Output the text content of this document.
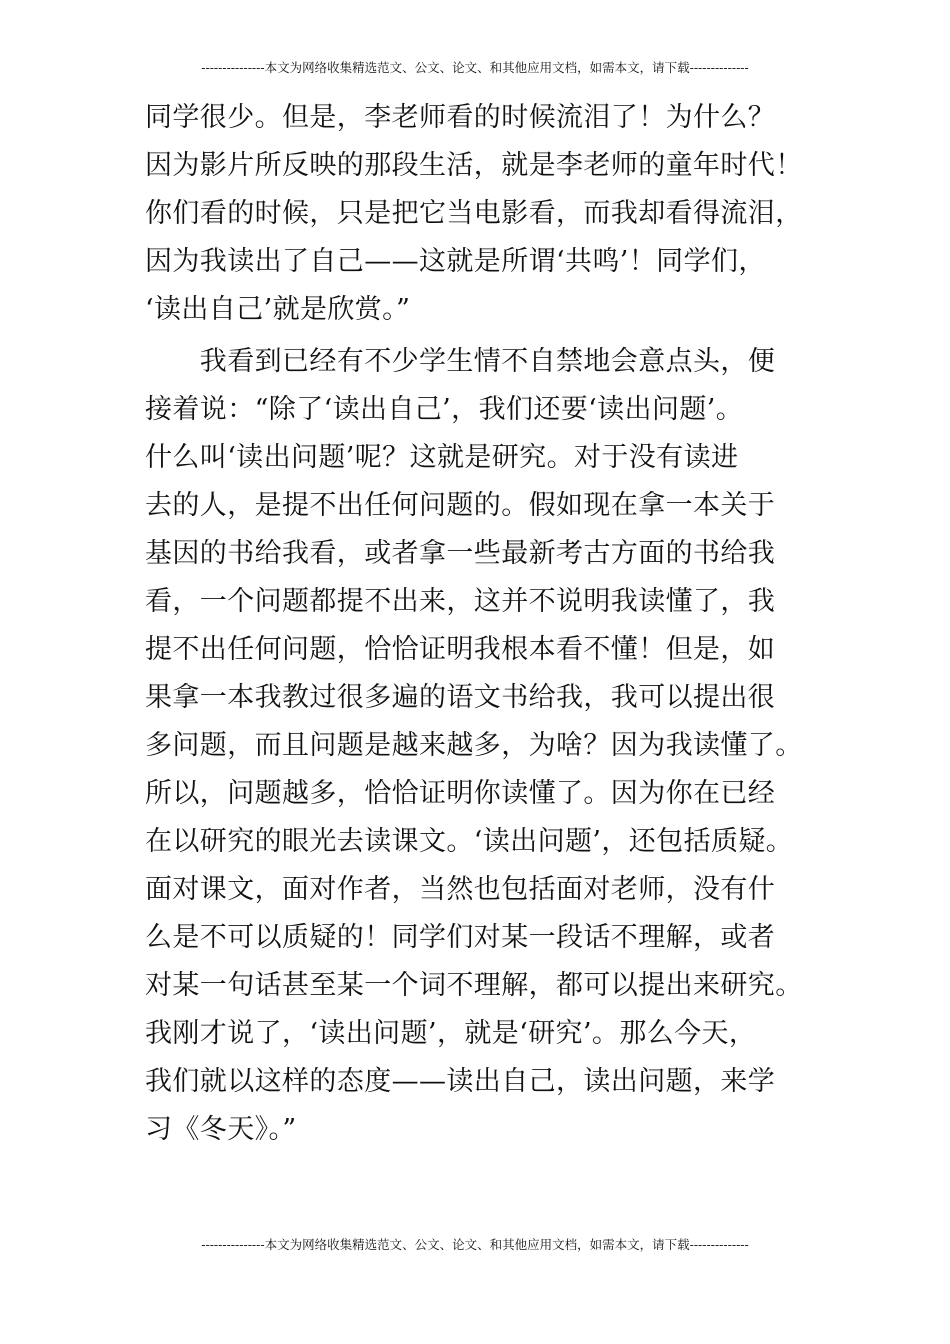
---------------本文为网络收集精选范文、公文、论文、和其他应用文档，如需本文，请下载--------------
同学很少。但是，李老师看的时候流泪了！为什么？
因为影片所反映的那段生活，就是李老师的童年时代！
你们看的时候，只是把它当电影看，而我却看得流泪，
因为我读出了自己——这就是所谓‘共鸣’！同学们，
‘读出自己’就是欣赏。”
　　我看到已经有不少学生情不自禁地会意点头，便
接着说：“除了‘读出自己’，我们还要‘读出问题’。
什么叫‘读出问题’呢？这就是研究。对于没有读进
去的人，是提不出任何问题的。假如现在拿一本关于
基因的书给我看，或者拿一些最新考古方面的书给我
看，一个问题都提不出来，这并不说明我读懂了，我
提不出任何问题，恰恰证明我根本看不懂！但是，如
果拿一本我教过很多遍的语文书给我，我可以提出很
多问题，而且问题是越来越多，为啥？因为我读懂了。
所以，问题越多，恰恰证明你读懂了。因为你在已经
在以研究的眼光去读课文。‘读出问题’，还包括质疑。
面对课文，面对作者，当然也包括面对老师，没有什
么是不可以质疑的！同学们对某一段话不理解，或者
对某一句话甚至某一个词不理解，都可以提出来研究。
我刚才说了，‘读出问题’，就是‘研究’。那么今天，
我们就以这样的态度——读出自己，读出问题，来学
习《冬天》。”
---------------本文为网络收集精选范文、公文、论文、和其他应用文档，如需本文，请下载--------------
